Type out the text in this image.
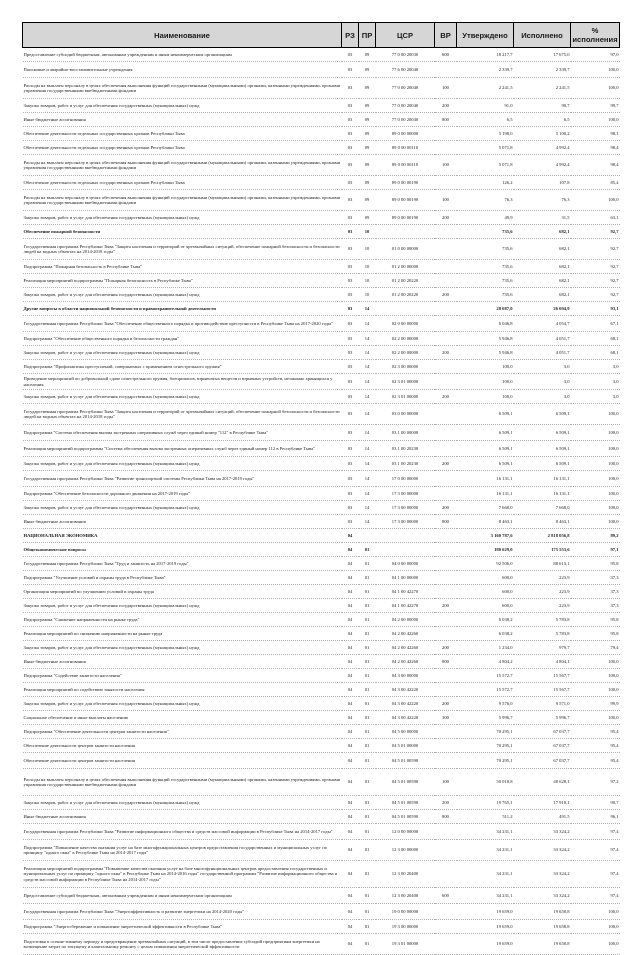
Наименование	РЗ	ПР	ЦСР	ВР	Утверждено	Исполнено	% исполнения
Предоставление субсидий бюджетным, автономным учреждениям и иным некоммерческим организациям	03	09	77 0 00 20030	600	18 217,7	17 675,0	97,0
Поисковые и аварийно-восстановительные учреждения	03	09	77 6 00 20040		2 339,7	2 339,7	100,0
Расходы на выплаты персоналу в целях обеспечения выполнения функций государственными (муниципальными) органами, казенными учреждениями, органами управления государственными внебюджетными фондами	03	09	77 0 00 20040	100	2 241,5	2 241,5	100,0
Закупка товаров, работ и услуг для обеспечения государственных (муниципальных) нужд	03	09	77 0 00 20040	200	91,0	90,7	99,7
Иные бюджетные ассигнования	03	09	77 0 00 20040	800	6,5	6,5	100,0
Обеспечение деятельности отдельных государственных органов Республики Тыва	03	09	89 0 00 00000		5 198,0	5 100,2	98,1
Обеспечение деятельности отдельных государственных органов Республики Тыва	03	09	89 0 00 00110		5 071,8	4 992,4	98,4
Расходы на выплаты персоналу в целях обеспечения выполнения функций государственными (муниципальными) органами, казенными учреждениями, органами управления государственными внебюджетными фондами	03	09	89 0 00 00110	100	5 071,8	4 992,4	98,4
Обеспечение деятельности отдельных государственных органов Республики Тыва	03	09	89 0 00 00190		126,2	107,8	85,4
Расходы на выплаты персоналу в целях обеспечения выполнения функций государственными (муниципальными) органами, казенными учреждениями, органами управления государственными внебюджетными фондами	03	09	89 0 00 00190	100	76,3	76,3	100,0
Закупка товаров, работ и услуг для обеспечения государственных (муниципальных) нужд	03	09	89 0 00 00190	200	49,9	31,5	63,1
Обеспечение пожарной безопасности	03	10			735,6	682,1	92,7
Государственная программа Республики Тыва "Защита населения и территорий от чрезвычайных ситуаций, обеспечение пожарной безопасности и безопасности людей на водных объектах на 2014-2018 годы"	03	10	01 0 00 00000		735,6	682,1	92,7
Подпрограмма "Пожарная безопасность в Республике Тыва"	03	10	01 2 00 00000		735,6	682,1	92,7
Реализация мероприятий подпрограммы "Пожарная безопасность в Республике Тыва"	03	10	01 2 00 20220		735,6	682,1	92,7
Закупка товаров, работ и услуг для обеспечения государственных (муниципальных) нужд	03	10	01 2 00 20220	200	735,6	682,1	92,7
Другие вопросы в области национальной безопасности и правоохранительной деятельности	03	14			28 687,0	26 694,9	93,1
Государственная программа Республики Тыва "Обеспечение общественного порядка и противодействие преступности в Республике Тыва на 2017-2020 годы"	03	14	02 0 00 00000		6 046,8	4 054,7	67,1
Подпрограмма "Обеспечение общественного порядка и безопасности граждан"	03	14	02 2 00 00000		5 946,8	4 051,7	68,1
Закупка товаров, работ и услуг для обеспечения государственных (муниципальных) нужд	03	14	02 2 00 00000	200	5 946,8	4 051,7	68,1
Подпрограмма "Профилактика преступлений, совершаемых с применением огнестрельного оружия"	03	14	02 3 00 00000		100,0	3,0	3,0
Проведение мероприятий по добровольной сдаче огнестрельного оружия, боеприпасов, взрывчатых веществ и взрывных устройств, незаконно хранящихся у населения	03	14	02 3 01 00000		100,0	3,0	3,0
Закупка товаров, работ и услуг для обеспечения государственных (муниципальных) нужд	03	14	02 3 01 00000	200	100,0	3,0	3,0
Государственная программа Республики Тыва "Защита населения и территорий от чрезвычайных ситуаций, обеспечение пожарной безопасности и безопасности людей на водных объектах на 2014-2018 годы"	03	14	03 0 00 00000		6 509,1	6 509,1	100,0
Подпрограмма "Система обеспечения вызова экстренных оперативных служб через единый номер "112" в Республике Тыва"	03	14	03 1 00 00000		6 509,1	6 509,1	100,0
Реализация мероприятий подпрограммы "Система обеспечения вызова экстренных оперативных служб через единый номер 112 в Республике Тыва"	03	14	03 1 00 20230		6 509,1	6 509,1	100,0
Закупка товаров, работ и услуг для обеспечения государственных (муниципальных) нужд	03	14	03 1 00 20230	200	6 509,1	6 509,1	100,0
Государственная программа Республики Тыва "Развитие транспортной системы Республики Тыва на 2017-2019 годы"	03	14	17 0 00 00000		16 131,1	16 131,1	100,0
Подпрограмма "Обеспечение безопасности дорожного движения на 2017-2019 годы"	03	14	17 3 00 00000		16 131,1	16 131,1	100,0
Закупка товаров, работ и услуг для обеспечения государственных (муниципальных) нужд	03	14	17 3 00 00000	200	7 668,0	7 668,0	100,0
Иные бюджетные ассигнования	03	14	17 3 00 00000	800	8 463,1	8 463,1	100,0
НАЦИОНАЛЬНАЯ ЭКОНОМИКА	04				3 160 787,6	2 818 056,8	89,2
Общеэкономические вопросы	04	01			180 629,0	175 553,6	97,1
Государственная программа Республики Тыва "Труд и занятость на 2017-2019 годы"	04	01	04 0 00 00000		92 506,0	88 613,1	95,8
Подпрограмма "Улучшение условий и охраны труда в Республике Тыва"	04	01	04 1 00 00000		600,0	223,9	37,3
Организация мероприятий по улучшению условий и охраны труда	04	01	04 1 00 42270		600,0	223,9	37,3
Закупка товаров, работ и услуг для обеспечения государственных (муниципальных) нужд	04	01	04 1 00 42270	200	600,0	223,9	37,3
Подпрограмма "Снижение напряженности на рынке труда"	04	01	04 2 00 00000		6 038,2	5 783,8	95,8
Реализация мероприятий по снижению напряженности на рынке труда	04	01	04 2 00 42260		6 038,2	5 783,8	95,8
Закупка товаров, работ и услуг для обеспечения государственных (муниципальных) нужд	04	01	04 2 00 42260	200	1 234,0	979,7	79,4
Иные бюджетные ассигнования	04	01	04 2 00 42260	800	4 804,2	4 804,1	100,0
Подпрограмма "Содействие занятости населения"	04	01	04 3 00 00000		15 572,7	15 567,7	100,0
Реализация мероприятий по содействию занятости населения	04	01	04 3 00 42220		15 572,7	15 567,7	100,0
Закупка товаров, работ и услуг для обеспечения государственных (муниципальных) нужд	04	01	04 3 00 42220	200	9 576,0	9 571,0	99,9
Социальное обеспечение и иные выплаты населению	04	01	04 3 00 42220	300	5 996,7	5 996,7	100,0
Подпрограмма "Обеспечение деятельности центров занятости населения"	04	01	04 5 00 00000		70 295,1	67 037,7	95,4
Обеспечение деятельности центров занятости населения	04	01	04 5 01 00000		70 295,1	67 037,7	95,4
Обеспечение деятельности центров занятости населения	04	01	04 5 01 00590		70 295,1	67 037,7	95,4
Расходы на выплаты персоналу в целях обеспечения выполнения функций государственными (муниципальными) органами, казенными учреждениями, органами управления государственными внебюджетными фондами	04	01	04 5 01 00590	100	50 018,8	48 628,1	97,2
Закупка товаров, работ и услуг для обеспечения государственных (муниципальных) нужд	04	01	04 5 01 00590	200	19 765,1	17 918,1	90,7
Иные бюджетные ассигнования	04	01	04 5 01 00590	800	511,2	491,5	96,1
Государственная программа Республики Тыва "Развитие информационного общества и средств массовой информации в Республике Тыва на 2014-2017 годы"	04	01	12 0 00 00000		34 231,1	33 324,2	97,4
Подпрограмма "Повышение качества оказания услуг на базе многофункциональных центров предоставления государственных и муниципальных услуг по принципу "одного окна" в Республике Тыва на 2014-2017 годы"	04	01	12 3 00 00000		34 231,1	33 324,2	97,4
Реализация мероприятий подпрограммы "Повышение качества оказания услуг на базе многофункциональных центров предоставления государственных и муниципальных услуг по принципу "одного окна" в Республике Тыва на 2014-2016 годы" государственной программы "Развитие информационного общества и средств массовой информации в Республике Тыва на 2014-2017 годы"	04	01	12 3 00 20400		34 231,1	33 324,2	97,4
Предоставление субсидий бюджетным, автономным учреждениям и иным некоммерческим организациям	04	01	12 3 00 20400	600	34 231,1	33 324,2	97,4
Государственная программа Республики Тыва "Энергоэффективность и развитие энергетики на 2014-2020 годы"	04	01	19 0 00 00000		19 659,0	19 658,8	100,0
Подпрограмма "Энергосбережение и повышение энергетической эффективности в Республике Тыва"	04	01	19 3 00 00000		19 659,0	19 658,8	100,0
Подготовка к осенне-зимнему периоду и предотвращение чрезвычайных ситуаций, в том числе предоставление субсидий предприятиям энергетики на возмещение затрат по текущему и капитальному ремонту с целью повышения энергетической эффективности	04	01	19 3 01 00000		19 659,0	19 658,8	100,0
